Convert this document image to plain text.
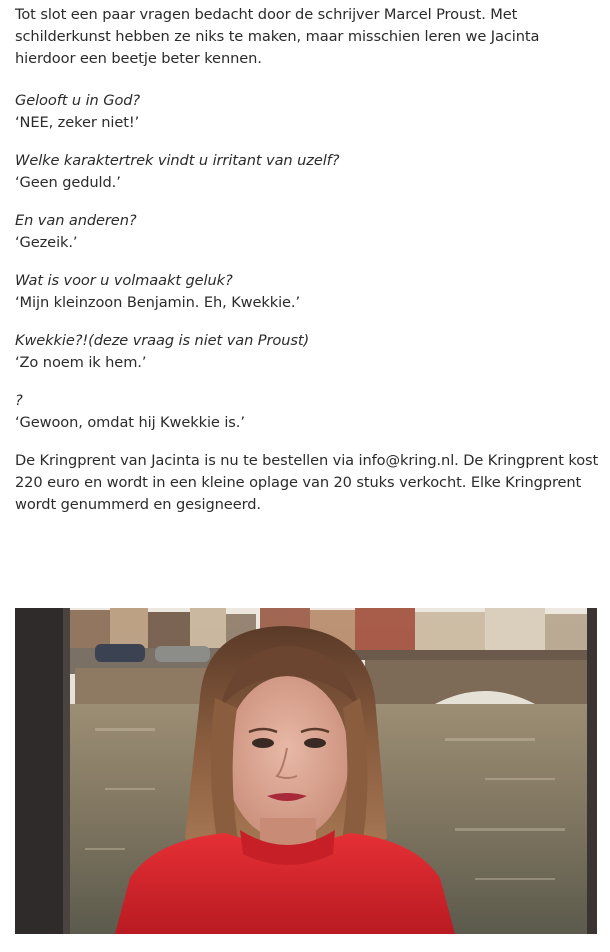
Tot slot een paar vragen bedacht door de schrijver Marcel Proust. Met schilderkunst hebben ze niks te maken, maar misschien leren we Jacinta hierdoor een beetje beter kennen.

Gelooft u in God?
‘NEE, zeker niet!’
Welke karaktertrek vindt u irritant van uzelf?
‘Geen geduld.’
En van anderen?
‘Gezeik.’
Wat is voor u volmaakt geluk?
‘Mijn kleinzoon Benjamin. Eh, Kwekkie.’
Kwekkie?!(deze vraag is niet van Proust)
‘Zo noem ik hem.’
?
‘Gewoon, omdat hij Kwekkie is.’

De Kringprent van Jacinta is nu te bestellen via info@kring.nl. De Kringprent kost 220 euro en wordt in een kleine oplage van 20 stuks verkocht. Elke Kringprent wordt genummerd en gesigneerd.
